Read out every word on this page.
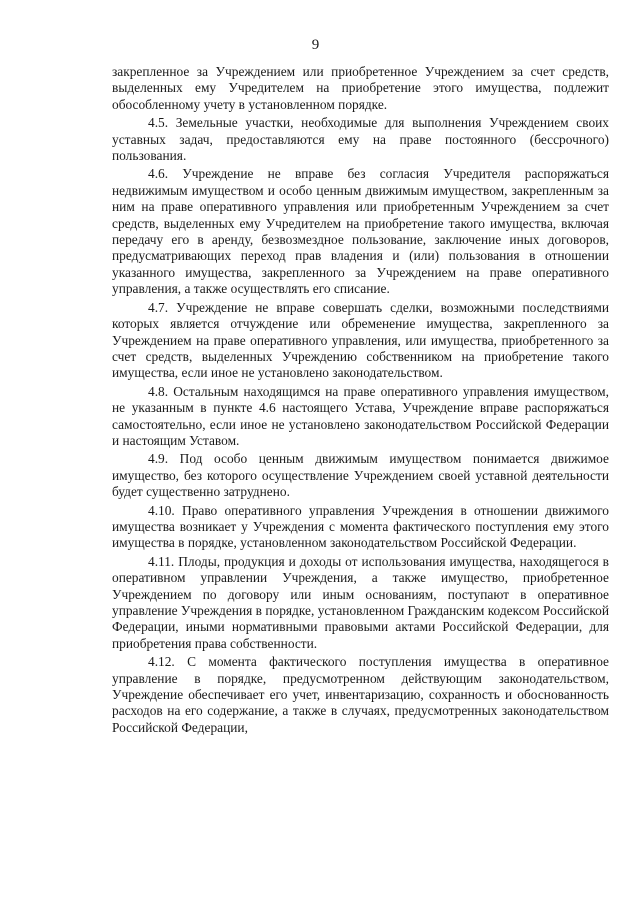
9

закрепленное за Учреждением или приобретенное Учреждением за счет средств, выделенных ему Учредителем на приобретение этого имущества, подлежит обособленному учету в установленном порядке.

4.5. Земельные участки, необходимые для выполнения Учреждением своих уставных задач, предоставляются ему на праве постоянного (бессрочного) пользования.

4.6. Учреждение не вправе без согласия Учредителя распоряжаться недвижимым имуществом и особо ценным движимым имуществом, закрепленным за ним на праве оперативного управления или приобретенным Учреждением за счет средств, выделенных ему Учредителем на приобретение такого имущества, включая передачу его в аренду, безвозмездное пользование, заключение иных договоров, предусматривающих переход прав владения и (или) пользования в отношении указанного имущества, закрепленного за Учреждением на праве оперативного управления, а также осуществлять его списание.

4.7. Учреждение не вправе совершать сделки, возможными последствиями которых является отчуждение или обременение имущества, закрепленного за Учреждением на праве оперативного управления, или имущества, приобретенного за счет средств, выделенных Учреждению собственником на приобретение такого имущества, если иное не установлено законодательством.

4.8. Остальным находящимся на праве оперативного управления имуществом, не указанным в пункте 4.6 настоящего Устава, Учреждение вправе распоряжаться самостоятельно, если иное не установлено законодательством Российской Федерации и настоящим Уставом.

4.9. Под особо ценным движимым имуществом понимается движимое имущество, без которого осуществление Учреждением своей уставной деятельности будет существенно затруднено.

4.10. Право оперативного управления Учреждения в отношении движимого имущества возникает у Учреждения с момента фактического поступления ему этого имущества в порядке, установленном законодательством Российской Федерации.

4.11. Плоды, продукция и доходы от использования имущества, находящегося в оперативном управлении Учреждения, а также имущество, приобретенное Учреждением по договору или иным основаниям, поступают в оперативное управление Учреждения в порядке, установленном Гражданским кодексом Российской Федерации, иными нормативными правовыми актами Российской Федерации, для приобретения права собственности.

4.12. С момента фактического поступления имущества в оперативное управление в порядке, предусмотренном действующим законодательством, Учреждение обеспечивает его учет, инвентаризацию, сохранность и обоснованность расходов на его содержание, а также в случаях, предусмотренных законодательством Российской Федерации,
